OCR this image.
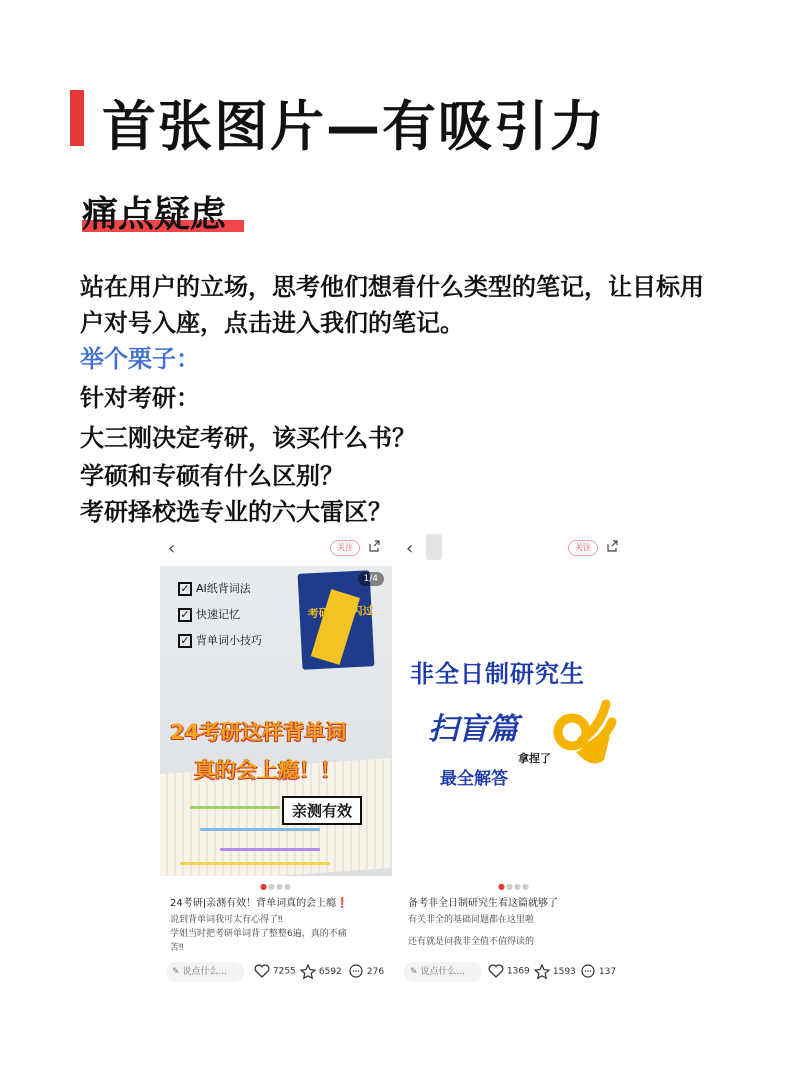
首张图片—有吸引力
痛点疑虑
站在用户的立场，思考他们想看什么类型的笔记，让目标用
户对号入座，点击进入我们的笔记。
举个栗子：
针对考研：
大三刚决定考研，该买什么书？
学硕和专硕有什么区别？
考研择校选专业的六大雷区？
‹	关注
✓ AI纸背词法
✓ 快速记忆
✓ 背单词小技巧
考研词汇闪过
1/4
24考研这样背单词
真的会上瘾！！
亲测有效
●●●●
24考研|亲测有效！背单词真的会上瘾❗
说到背单词我可太有心得了‼
学姐当时把考研单词背了整整6遍，真的不痛
苦‼
✎ 说点什么...	7255	6592	276
‹	关注
非全日制研究生
扫盲篇
拿捏了
最全解答
●●●●
备考非全日制研究生看这篇就够了
有关非全的基础问题都在这里啦
还有就是问我非全值不值得读的
✎ 说点什么...	1369	1593	137
